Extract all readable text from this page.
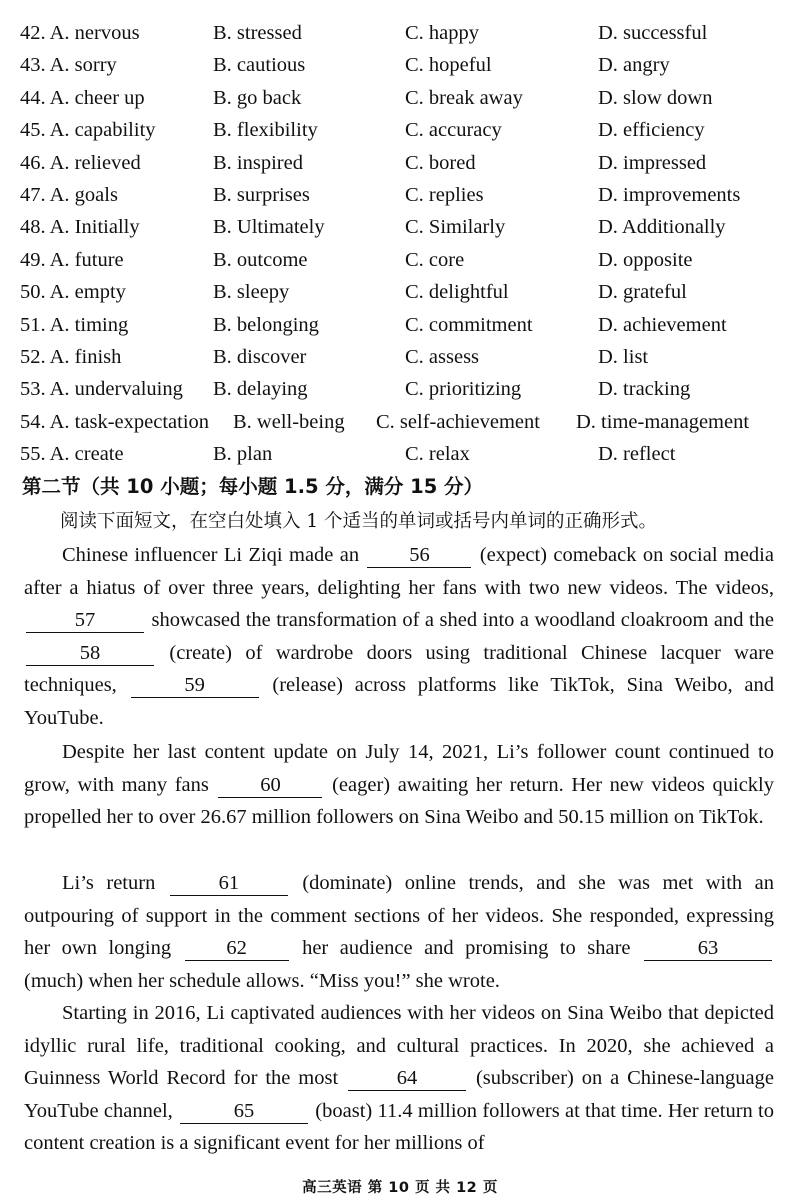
42. A. nervous	B. stressed	C. happy	D. successful
43. A. sorry	B. cautious	C. hopeful	D. angry
44. A. cheer up	B. go back	C. break away	D. slow down
45. A. capability	B. flexibility	C. accuracy	D. efficiency
46. A. relieved	B. inspired	C. bored	D. impressed
47. A. goals	B. surprises	C. replies	D. improvements
48. A. Initially	B. Ultimately	C. Similarly	D. Additionally
49. A. future	B. outcome	C. core	D. opposite
50. A. empty	B. sleepy	C. delightful	D. grateful
51. A. timing	B. belonging	C. commitment	D. achievement
52. A. finish	B. discover	C. assess	D. list
53. A. undervaluing B. delaying	C. prioritizing	D. tracking
54. A. task-expectation B. well-being C. self-achievement D. time-management
55. A. create	B. plan	C. relax	D. reflect
第二节（共 10 小题；每小题 1.5 分，满分 15 分）
阅读下面短文，在空白处填入 1 个适当的单词或括号内单词的正确形式。
Chinese influencer Li Ziqi made an 56 (expect) comeback on social media after a hiatus of over three years, delighting her fans with two new videos. The videos, 57 showcased the transformation of a shed into a woodland cloakroom and the 58	(create) of wardrobe doors using traditional Chinese lacquer ware techniques,	59	(release) across platforms like TikTok, Sina Weibo, and YouTube.
Despite her last content update on July 14, 2021, Li’s follower count continued to grow, with many fans 60 (eager) awaiting her return. Her new videos quickly propelled her to over 26.67 million followers on Sina Weibo and 50.15 million on TikTok.
Li’s return 61 (dominate) online trends, and she was met with an outpouring of support in the comment sections of her videos. She responded, expressing her own longing 62 her audience and promising to share	63 (much) when her schedule allows. “Miss you!” she wrote.
Starting in 2016, Li captivated audiences with her videos on Sina Weibo that depicted idyllic rural life, traditional cooking, and cultural practices. In 2020, she achieved a Guinness World Record for the most 64 (subscriber) on a Chinese-language YouTube channel,	65	(boast) 11.4 million followers at that time. Her return to content creation is a significant event for her millions of
高三英语 第 10 页 共 12 页
